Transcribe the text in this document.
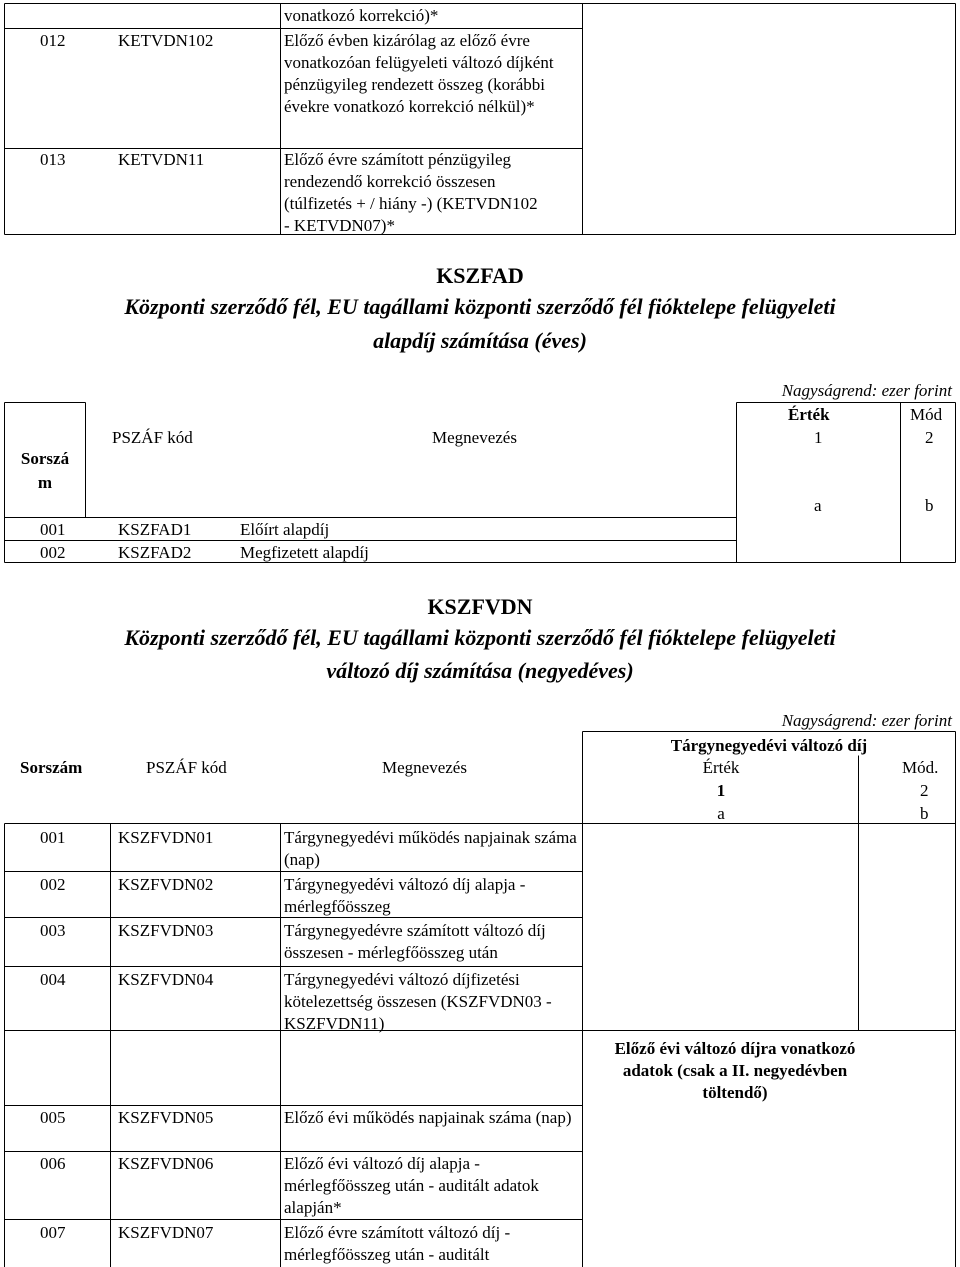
vonatkozó korrekció)*
012	KETVDN102	Előző évben kizárólag az előző évre vonatkozóan felügyeleti változó díjként pénzügyileg rendezett összeg (korábbi évekre vonatkozó korrekció nélkül)*
013	KETVDN11	Előző évre számított pénzügyileg rendezendő korrekció összesen (túlfizetés + / hiány -) (KETVDN102 - KETVDN07)*
KSZFAD
Központi szerződő fél, EU tagállami központi szerződő fél fióktelepe felügyeleti
alapdíj számítása (éves)
Nagyságrend: ezer forint
Sorszá
m
PSZÁF kód	Megnevezés
Érték	Mód
1	2
a	b
001	KSZFAD1	Előírt alapdíj
002	KSZFAD2	Megfizetett alapdíj
KSZFVDN
Központi szerződő fél, EU tagállami központi szerződő fél fióktelepe felügyeleti
változó díj számítása (negyedéves)
Nagyságrend: ezer forint
Sorszám	PSZÁF kód	Megnevezés
Tárgynegyedévi változó díj
Érték	Mód.
1	2
a	b
001	KSZFVDN01	Tárgynegyedévi működés napjainak száma (nap)
002	KSZFVDN02	Tárgynegyedévi változó díj alapja - mérlegfőösszeg
003	KSZFVDN03	Tárgynegyedévre számított változó díj összesen - mérlegfőösszeg után
004	KSZFVDN04	Tárgynegyedévi változó díjfizetési kötelezettség összesen (KSZFVDN03 - KSZFVDN11)
005	KSZFVDN05	Előző évi működés napjainak száma (nap)
006	KSZFVDN06	Előző évi változó díj alapja - mérlegfőösszeg után - auditált adatok alapján*
007	KSZFVDN07	Előző évre számított változó díj - mérlegfőösszeg után - auditált
Előző évi változó díjra vonatkozó adatok (csak a II. negyedévben töltendő)
